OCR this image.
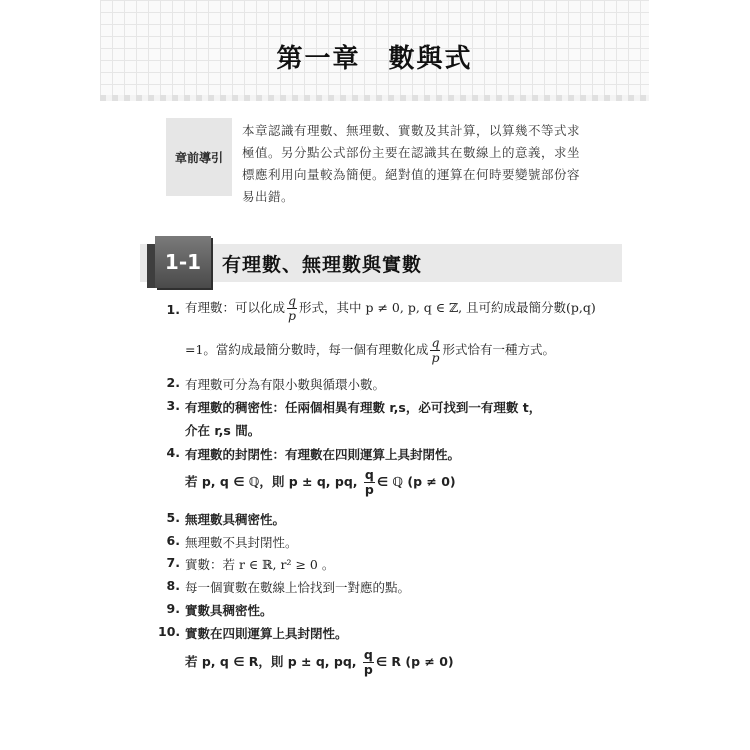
第一章　數與式
章前導引
本章認識有理數、無理數、實數及其計算，以算幾不等式求極值。另分點公式部份主要在認識其在數線上的意義，求坐標應利用向量較為簡便。絕對值的運算在何時要變號部份容易出錯。
1-1	有理數、無理數與實數
1. 有理數：可以化成 $\frac{q}{p}$ 形式，其中 p ≠ 0, p, q ∈ ℤ, 且可約成最簡分數(p,q)
=1。當約成最簡分數時，每一個有理數化成 $\frac{q}{p}$ 形式恰有一種方式。
2. 有理數可分為有限小數與循環小數。
3. 有理數的稠密性：任兩個相異有理數 r,s，必可找到一有理數 t，
介在 r,s 間。
4. 有理數的封閉性：有理數在四則運算上具封閉性。
若 p, q ∈ ℚ，則 p ± q, pq, $\frac{q}{p}$ ∈ ℚ (p ≠ 0)
5. 無理數具稠密性。
6. 無理數不具封閉性。
7. 實數：若 r ∈ ℝ, r² ≥ 0 。
8. 每一個實數在數線上恰找到一對應的點。
9. 實數具稠密性。
10. 實數在四則運算上具封閉性。
若 p, q ∈ R，則 p ± q, pq, $\frac{q}{p}$ ∈ R (p ≠ 0)
